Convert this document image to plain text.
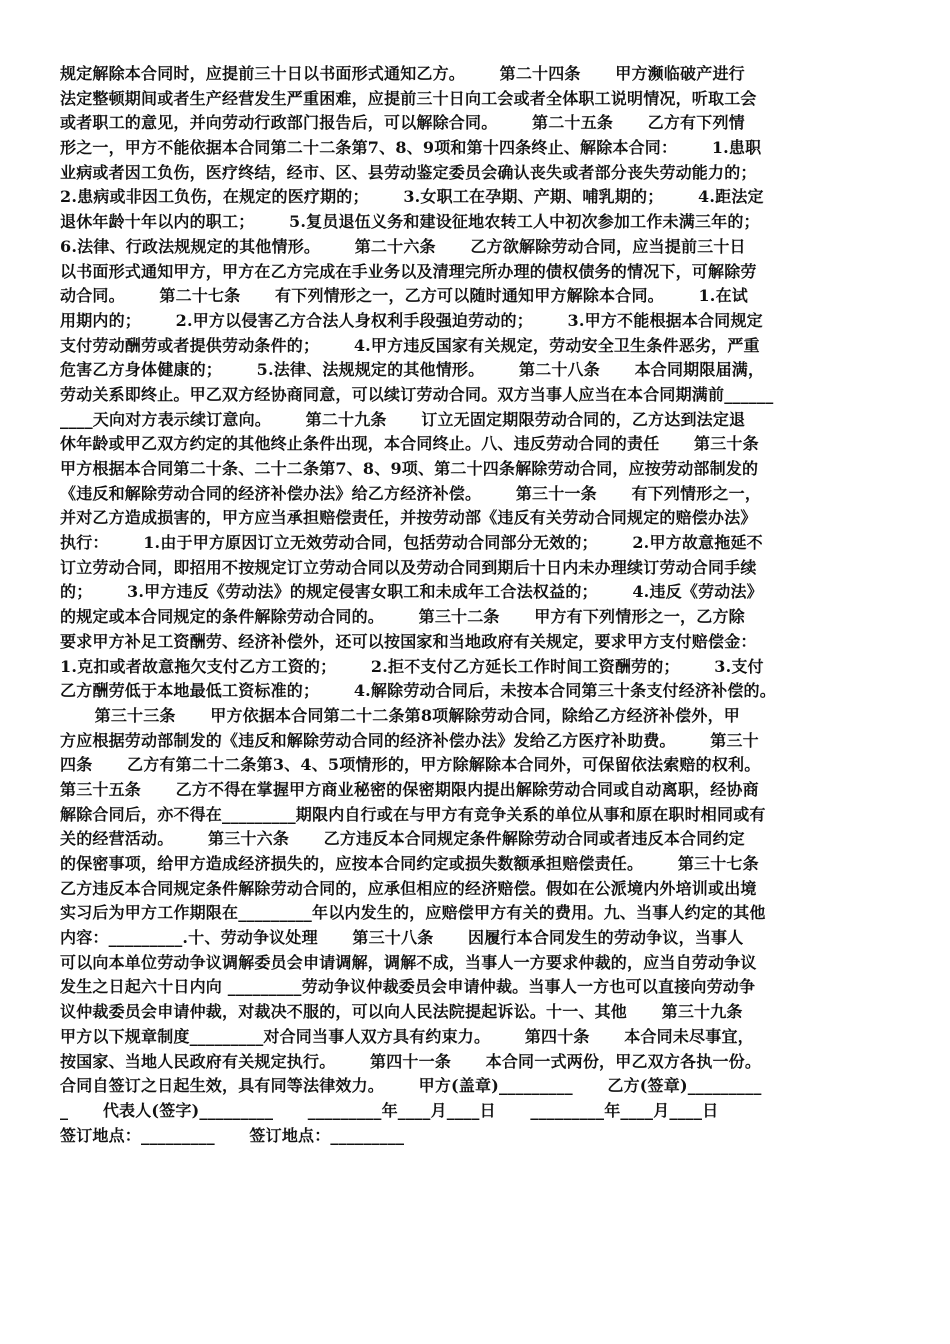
规定解除本合同时，应提前三十日以书面形式通知乙方。      第二十四条      甲方濒临破产进行
法定整顿期间或者生产经营发生严重困难，应提前三十日向工会或者全体职工说明情况，听取工会
或者职工的意见，并向劳动行政部门报告后，可以解除合同。      第二十五条      乙方有下列情
形之一，甲方不能依据本合同第二十二条第7、8、9项和第十四条终止、解除本合同：      1.患职
业病或者因工负伤，医疗终结，经市、区、县劳动鉴定委员会确认丧失或者部分丧失劳动能力的；
2.患病或非因工负伤，在规定的医疗期的；      3.女职工在孕期、产期、哺乳期的；      4.距法定
退休年龄十年以内的职工；      5.复员退伍义务和建设征地农转工人中初次参加工作未满三年的；
6.法律、行政法规规定的其他情形。      第二十六条      乙方欲解除劳动合同，应当提前三十日
以书面形式通知甲方，甲方在乙方完成在手业务以及清理完所办理的债权债务的情况下，可解除劳
动合同。      第二十七条      有下列情形之一，乙方可以随时通知甲方解除本合同。      1.在试
用期内的；      2.甲方以侵害乙方合法人身权利手段强迫劳动的；      3.甲方不能根据本合同规定
支付劳动酬劳或者提供劳动条件的；      4.甲方违反国家有关规定，劳动安全卫生条件恶劣，严重
危害乙方身体健康的；      5.法律、法规规定的其他情形。      第二十八条      本合同期限届满，
劳动关系即终止。甲乙双方经协商同意，可以续订劳动合同。双方当事人应当在本合同期满前______
____天向对方表示续订意向。      第二十九条      订立无固定期限劳动合同的，乙方达到法定退
休年龄或甲乙双方约定的其他终止条件出现，本合同终止。八、违反劳动合同的责任      第三十条
甲方根据本合同第二十条、二十二条第7、8、9项、第二十四条解除劳动合同，应按劳动部制发的
《违反和解除劳动合同的经济补偿办法》给乙方经济补偿。      第三十一条      有下列情形之一，
并对乙方造成损害的，甲方应当承担赔偿责任，并按劳动部《违反有关劳动合同规定的赔偿办法》
执行：      1.由于甲方原因订立无效劳动合同，包括劳动合同部分无效的；      2.甲方故意拖延不
订立劳动合同，即招用不按规定订立劳动合同以及劳动合同到期后十日内未办理续订劳动合同手续
的；      3.甲方违反《劳动法》的规定侵害女职工和未成年工合法权益的；      4.违反《劳动法》
的规定或本合同规定的条件解除劳动合同的。      第三十二条      甲方有下列情形之一，乙方除
要求甲方补足工资酬劳、经济补偿外，还可以按国家和当地政府有关规定，要求甲方支付赔偿金：
1.克扣或者故意拖欠支付乙方工资的；      2.拒不支付乙方延长工作时间工资酬劳的；      3.支付
乙方酬劳低于本地最低工资标准的；      4.解除劳动合同后，未按本合同第三十条支付经济补偿的。
第三十三条      甲方依据本合同第二十二条第8项解除劳动合同，除给乙方经济补偿外，甲
方应根据劳动部制发的《违反和解除劳动合同的经济补偿办法》发给乙方医疗补助费。      第三十
四条      乙方有第二十二条第3、4、5项情形的，甲方除解除本合同外，可保留依法索赔的权利。
第三十五条      乙方不得在掌握甲方商业秘密的保密期限内提出解除劳动合同或自动离职，经协商
解除合同后，亦不得在_________期限内自行或在与甲方有竞争关系的单位从事和原在职时相同或有
关的经营活动。      第三十六条      乙方违反本合同规定条件解除劳动合同或者违反本合同约定
的保密事项，给甲方造成经济损失的，应按本合同约定或损失数额承担赔偿责任。      第三十七条
乙方违反本合同规定条件解除劳动合同的，应承但相应的经济赔偿。假如在公派境内外培训或出境
实习后为甲方工作期限在_________年以内发生的，应赔偿甲方有关的费用。九、当事人约定的其他
内容：_________.十、劳动争议处理      第三十八条      因履行本合同发生的劳动争议，当事人
可以向本单位劳动争议调解委员会申请调解，调解不成，当事人一方要求仲裁的，应当自劳动争议
发生之日起六十日内向 _________劳动争议仲裁委员会申请仲裁。当事人一方也可以直接向劳动争
议仲裁委员会申请仲裁，对裁决不服的，可以向人民法院提起诉讼。十一、其他      第三十九条
甲方以下规章制度_________对合同当事人双方具有约束力。      第四十条      本合同未尽事宜，
按国家、当地人民政府有关规定执行。      第四十一条      本合同一式两份，甲乙双方各执一份。
合同自签订之日起生效，具有同等法律效力。      甲方(盖章)_________      乙方(签章)_________
_      代表人(签字)_________      _________年____月____日      _________年____月____日
签订地点：_________      签订地点：_________
